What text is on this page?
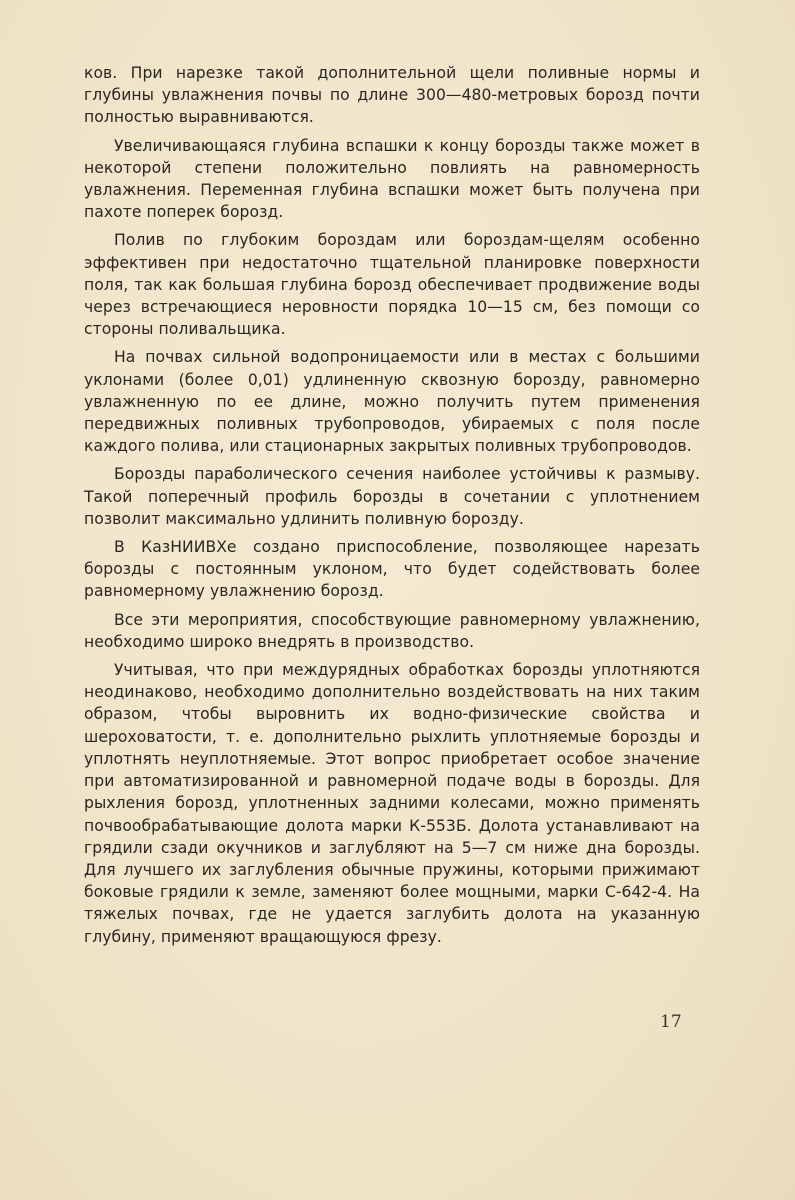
ков. При нарезке такой дополнительной щели поливные нормы и глубины увлажнения почвы по длине 300—480-метровых борозд почти полностью выравниваются.

Увеличивающаяся глубина вспашки к концу борозды также может в некоторой степени положительно повлиять на равномерность увлажнения. Переменная глубина вспашки может быть получена при пахоте поперек борозд.

Полив по глубоким бороздам или бороздам-щелям особенно эффективен при недостаточно тщательной планировке поверхности поля, так как большая глубина борозд обеспечивает продвижение воды через встречающиеся неровности порядка 10—15 см, без помощи со стороны поливальщика.

На почвах сильной водопроницаемости или в местах с большими уклонами (более 0,01) удлиненную сквозную борозду, равномерно увлажненную по ее длине, можно получить путем применения передвижных поливных трубопроводов, убираемых с поля после каждого полива, или стационарных закрытых поливных трубопроводов.

Борозды параболического сечения наиболее устойчивы к размыву. Такой поперечный профиль борозды в сочетании с уплотнением позволит максимально удлинить поливную борозду.

В КазНИИВХе создано приспособление, позволяющее нарезать борозды с постоянным уклоном, что будет содействовать более равномерному увлажнению борозд.

Все эти мероприятия, способствующие равномерному увлажнению, необходимо широко внедрять в производство.

Учитывая, что при междурядных обработках борозды уплотняются неодинаково, необходимо дополнительно воздействовать на них таким образом, чтобы выровнить их водно-физические свойства и шероховатости, т. е. дополнительно рыхлить уплотняемые борозды и уплотнять неуплотняемые. Этот вопрос приобретает особое значение при автоматизированной и равномерной подаче воды в борозды. Для рыхления борозд, уплотненных задними колесами, можно применять почвообрабатывающие долота марки К-553Б. Долота устанавливают на грядили сзади окучников и заглубляют на 5—7 см ниже дна борозды. Для лучшего их заглубления обычные пружины, которыми прижимают боковые грядили к земле, заменяют более мощными, марки С-642-4. На тяжелых почвах, где не удается заглубить долота на указанную глубину, применяют вращающуюся фрезу.

17
